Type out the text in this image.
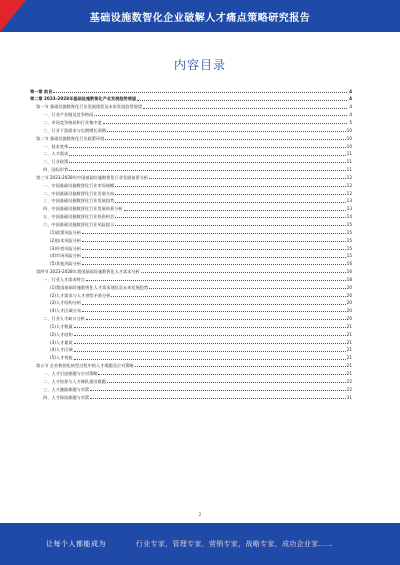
基础设施数智化企业破解人才痛点策略研究报告
内容目录
第一章 前言	4
第二章 2023-2028年基础设施数智化产业发展趋势展望	4
第一节 基础设施数智化行业发展现状及未来发展趋势展望	4
一、行业产业链及竞争格局	4
二、市场竞争格局和行业集中度	5
三、行业下游需求与长期增长预期	10
第二节 基础设施数智化行业政策环境	10
一、技术变革	10
二、人才需求	11
三、行业政策	11
四、国际形势	11
第三节 2023-2028年中国基础设施数智化行业发展前景分析	12
一、中国基础设施数智化行业市场规模	12
二、中国基础设施数智化行业发展方向	12
三、中国基础设施数智化行业发展趋势	13
四、中国基础设施数智化行业发展前景分析	13
五、中国基础设施数智化行业投资机会	14
六、中国基础设施数智化行业风险提示	15
(1)政策风险分析	15
(2)技术风险分析	15
(3)经营风险分析	15
(4)市场风险分析	15
(5)其他风险分析	16
第四节 2023-2028年我国基础设施数智化人才需求分析	16
一、行业人才需求特点	18
(1)我国基础设施数智化人才需求现状及未来发展趋势	20
(2)人才需求与人才供给矛盾分析	20
(3)人才结构分析	20
(4)人才区域分布	20
二、行业人才缺口分析	20
(1)人才数量	21
(2)人才结构	21
(3)人才素质	21
(4)人才区域	21
(5)人才效能	21
第五节 企业数智化转型过程中的人才难题及应对策略	21
一、人才引进难题与应对策略	21
二、人才培养与人才梯队建设难题	22
三、人才激励难题与对策	22
四、人才保留难题与对策	31
2
让每个人都能成为	行业专家，管理专家，营销专家，战略专家，成功企业家……
